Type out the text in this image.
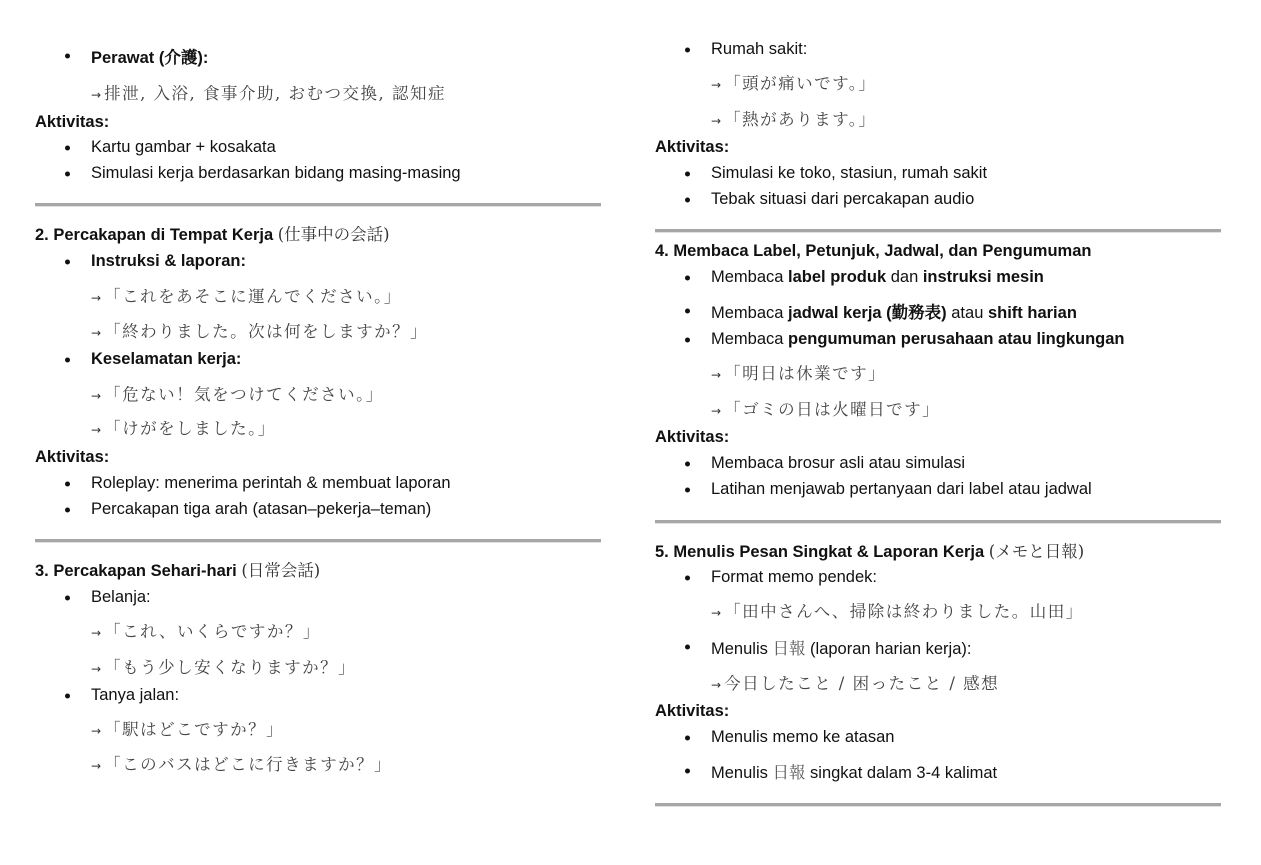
Perawat (介護):
→ 排泄, 入浴, 食事介助, おむつ交換, 認知症
Aktivitas:
Kartu gambar + kosakata
Simulasi kerja berdasarkan bidang masing-masing
2. Percakapan di Tempat Kerja (仕事中の会話)
Instruksi & laporan:
→ 「これをあそこに運んでください。」
→ 「終わりました。次は何をしますか？」
Keselamatan kerja:
→ 「危ない！気をつけてください。」
→ 「けがをしました。」
Aktivitas:
Roleplay: menerima perintah & membuat laporan
Percakapan tiga arah (atasan–pekerja–teman)
3. Percakapan Sehari-hari (日常会話)
Belanja:
→ 「これ、いくらですか？」
→ 「もう少し安くなりますか？」
Tanya jalan:
→ 「駅はどこですか？」
→ 「このバスはどこに行きますか？」
Rumah sakit:
→ 「頭が痛いです。」
→ 「熱があります。」
Aktivitas:
Simulasi ke toko, stasiun, rumah sakit
Tebak situasi dari percakapan audio
4. Membaca Label, Petunjuk, Jadwal, dan Pengumuman
Membaca label produk dan instruksi mesin
Membaca jadwal kerja (勤務表) atau shift harian
Membaca pengumuman perusahaan atau lingkungan
→ 「明日は休業です」
→ 「ゴミの日は火曜日です」
Aktivitas:
Membaca brosur asli atau simulasi
Latihan menjawab pertanyaan dari label atau jadwal
5. Menulis Pesan Singkat & Laporan Kerja (メモと日報)
Format memo pendek:
→ 「田中さんへ、掃除は終わりました。山田」
Menulis 日報 (laporan harian kerja):
→ 今日したこと / 困ったこと / 感想
Aktivitas:
Menulis memo ke atasan
Menulis 日報 singkat dalam 3-4 kalimat
